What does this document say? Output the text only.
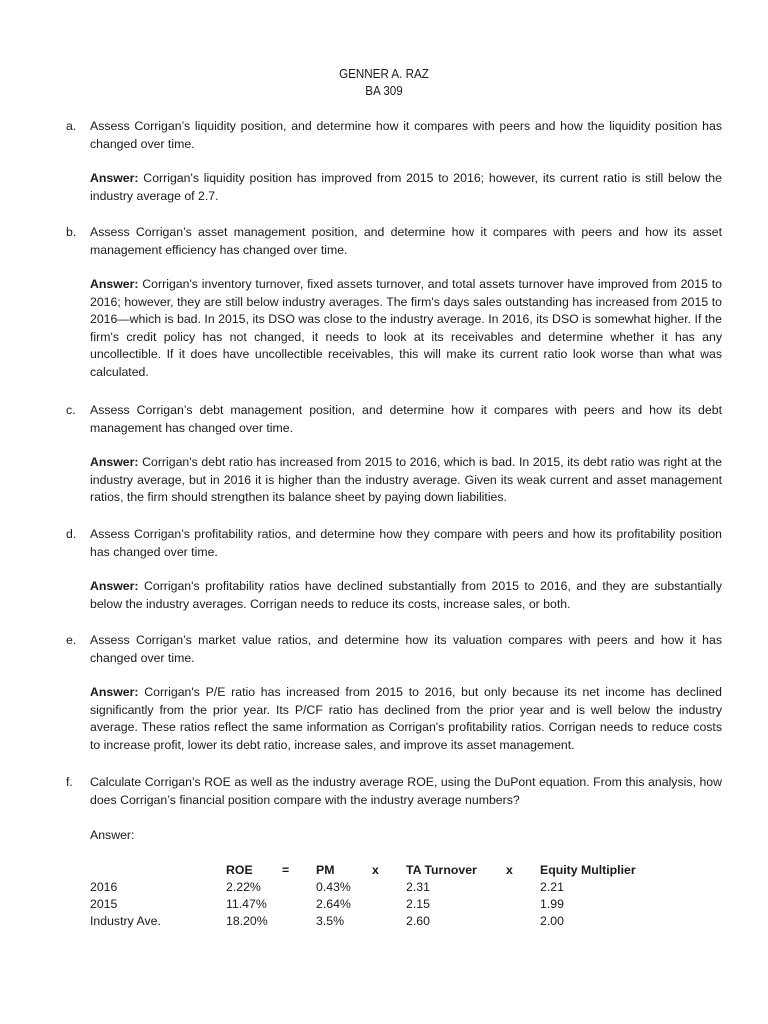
GENNER A. RAZ
BA 309
a.	Assess Corrigan’s liquidity position, and determine how it compares with peers and how the liquidity position has changed over time.
Answer: Corrigan's liquidity position has improved from 2015 to 2016; however, its current ratio is still below the industry average of 2.7.
b.	Assess Corrigan’s asset management position, and determine how it compares with peers and how its asset management efficiency has changed over time.
Answer: Corrigan's inventory turnover, fixed assets turnover, and total assets turnover have improved from 2015 to 2016; however, they are still below industry averages. The firm's days sales outstanding has increased from 2015 to 2016—which is bad. In 2015, its DSO was close to the industry average. In 2016, its DSO is somewhat higher. If the firm's credit policy has not changed, it needs to look at its receivables and determine whether it has any uncollectible. If it does have uncollectible receivables, this will make its current ratio look worse than what was calculated.
c.	Assess Corrigan’s debt management position, and determine how it compares with peers and how its debt management has changed over time.
Answer: Corrigan's debt ratio has increased from 2015 to 2016, which is bad. In 2015, its debt ratio was right at the industry average, but in 2016 it is higher than the industry average. Given its weak current and asset management ratios, the firm should strengthen its balance sheet by paying down liabilities.
d.	Assess Corrigan’s profitability ratios, and determine how they compare with peers and how its profitability position has changed over time.
Answer: Corrigan's profitability ratios have declined substantially from 2015 to 2016, and they are substantially below the industry averages. Corrigan needs to reduce its costs, increase sales, or both.
e.	Assess Corrigan’s market value ratios, and determine how its valuation compares with peers and how it has changed over time.
Answer: Corrigan's P/E ratio has increased from 2015 to 2016, but only because its net income has declined significantly from the prior year. Its P/CF ratio has declined from the prior year and is well below the industry average. These ratios reflect the same information as Corrigan's profitability ratios. Corrigan needs to reduce costs to increase profit, lower its debt ratio, increase sales, and improve its asset management.
f.	Calculate Corrigan’s ROE as well as the industry average ROE, using the DuPont equation. From this analysis, how does Corrigan’s financial position compare with the industry average numbers?
Answer:
	ROE	=	PM	x	TA Turnover	x	Equity Multiplier
2016	2.22%		0.43%		2.31		2.21
2015	11.47%		2.64%		2.15		1.99
Industry Ave.	18.20%		3.5%		2.60		2.00
